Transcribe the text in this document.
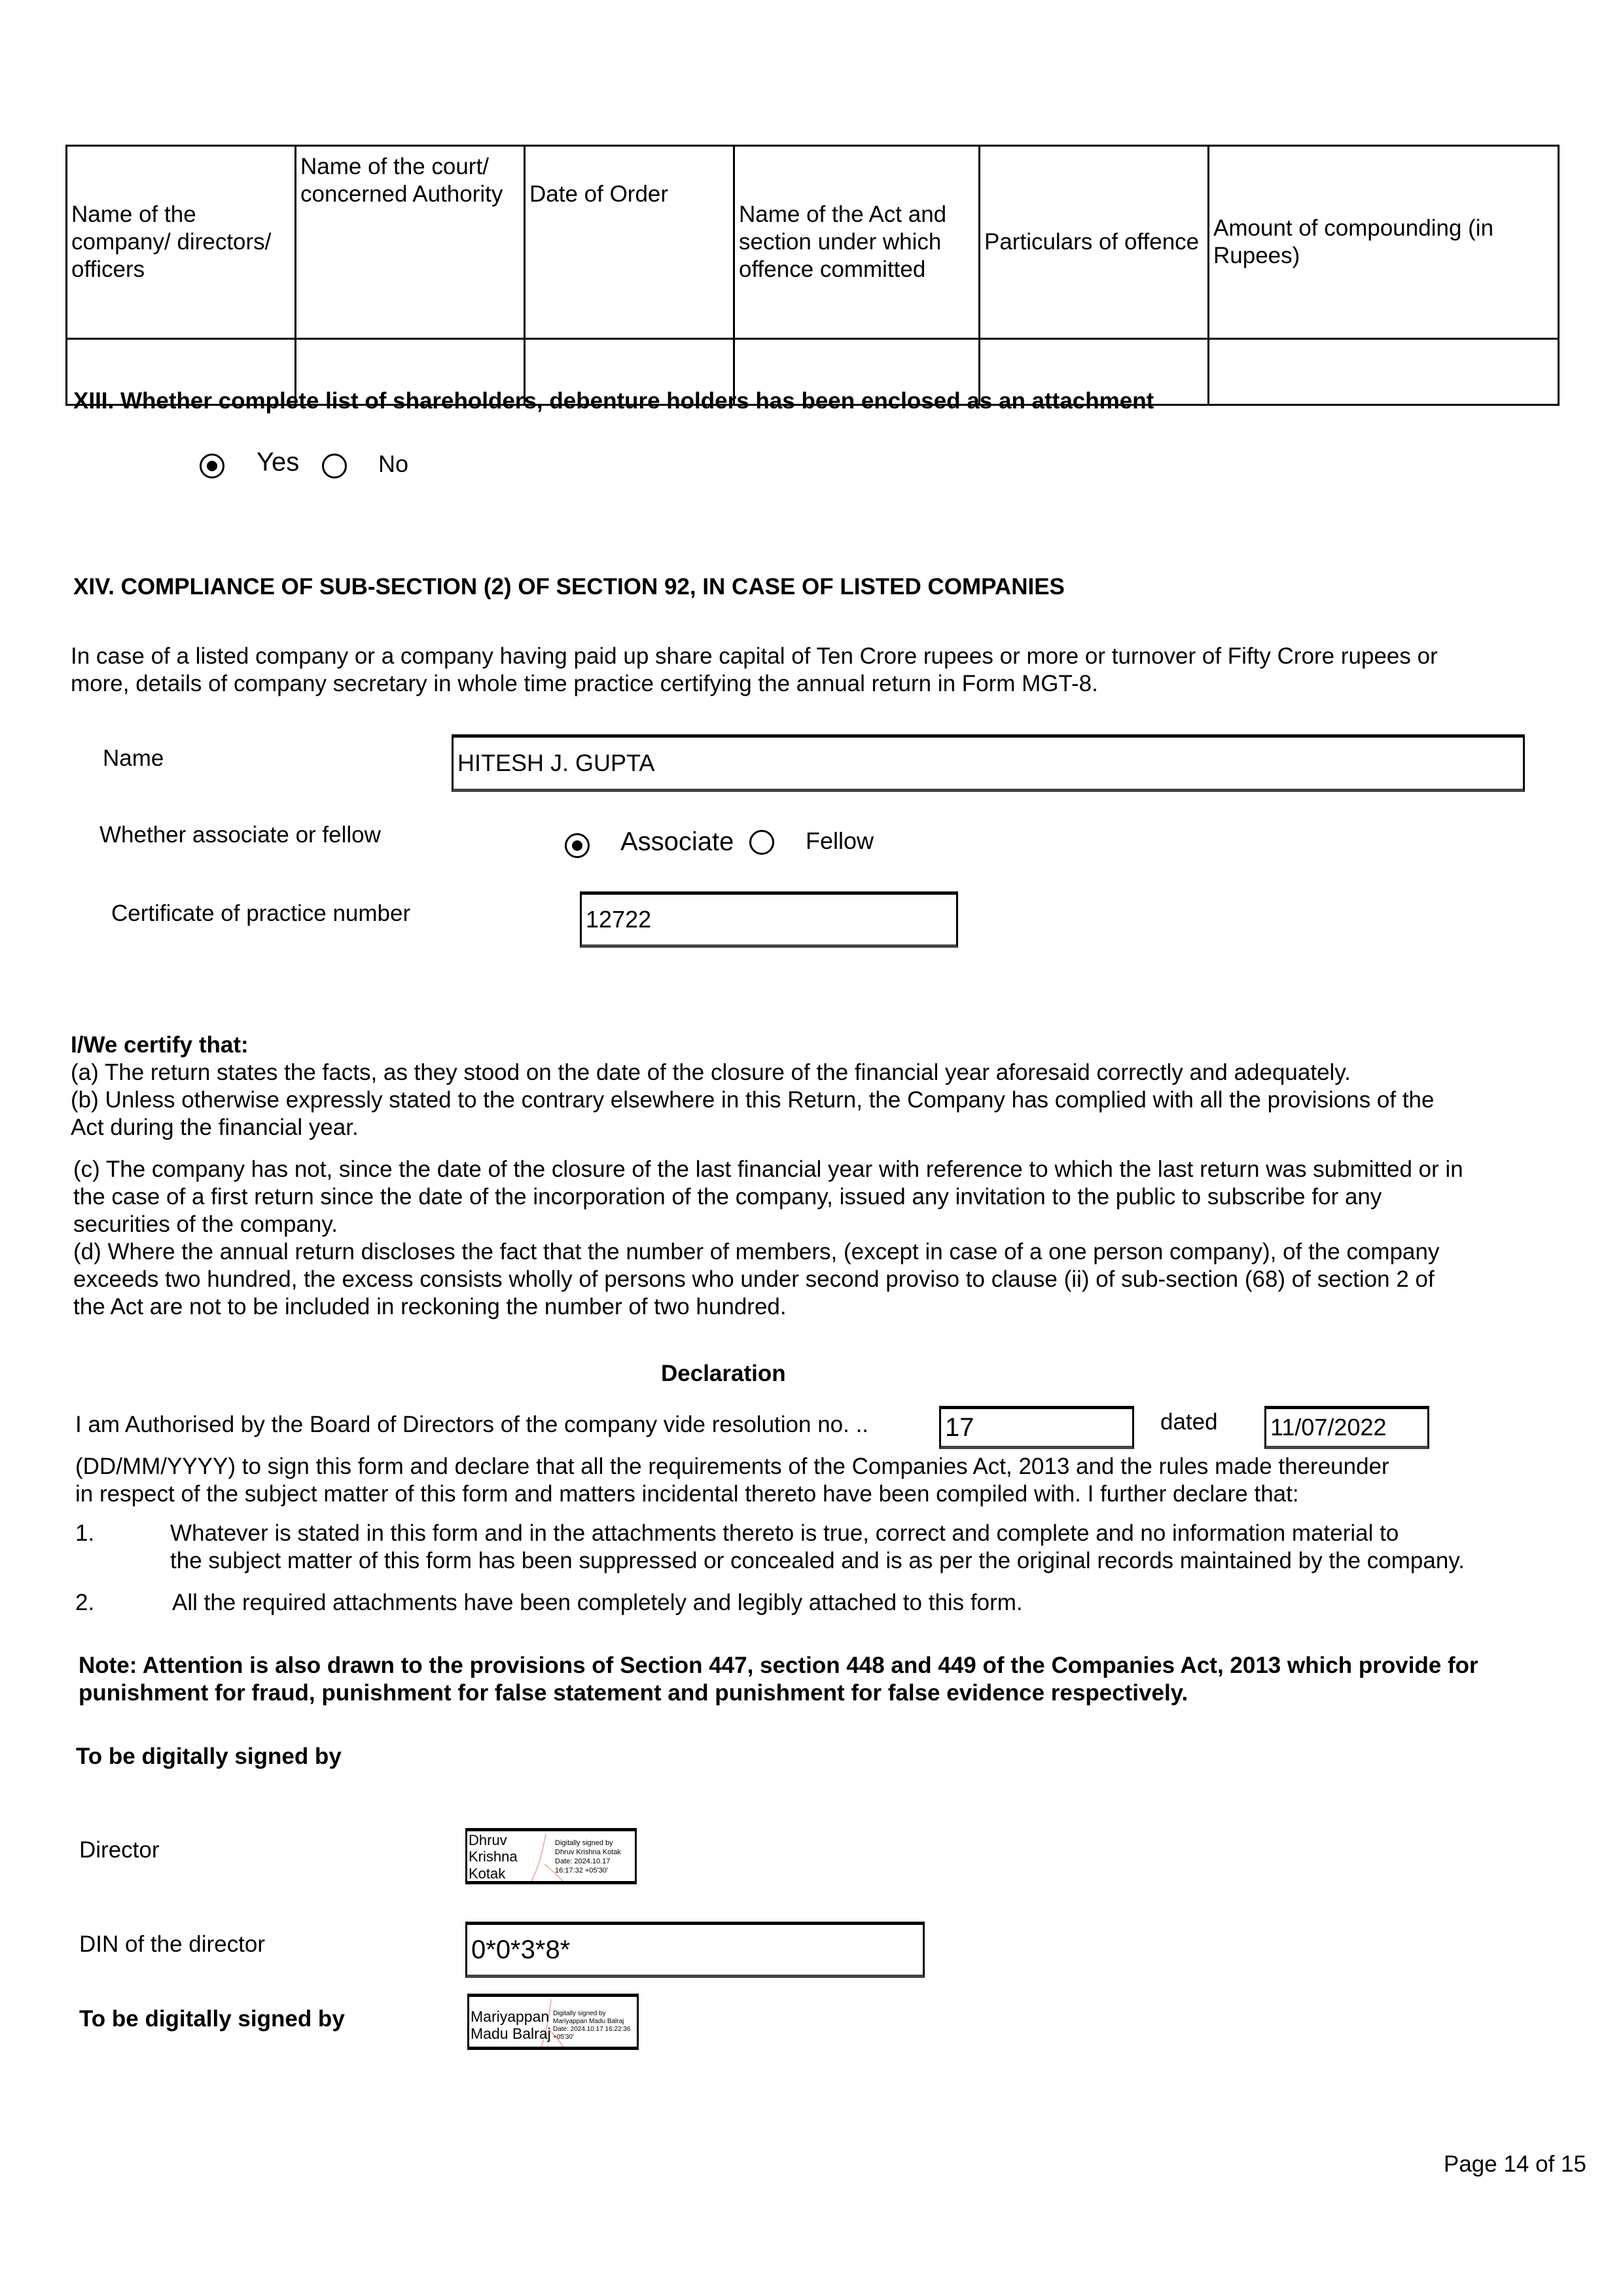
Name of the company/ directors/ officers	Name of the court/ concerned Authority	Date of Order	Name of the Act and section under which offence committed	Particulars of offence	Amount of compounding (in Rupees)

XIII. Whether complete list of shareholders, debenture holders has been enclosed as an attachment
Yes	No
XIV. COMPLIANCE OF SUB-SECTION (2) OF SECTION 92, IN CASE OF LISTED COMPANIES
In case of a listed company or a company having paid up share capital of Ten Crore rupees or more or turnover of Fifty Crore rupees or
more, details of company secretary in whole time practice certifying the annual return in Form MGT-8.
Name	HITESH J. GUPTA
Whether associate or fellow	Associate	Fellow
Certificate of practice number	12722
I/We certify that:
(a) The return states the facts, as they stood on the date of the closure of the financial year aforesaid correctly and adequately.
(b) Unless otherwise expressly stated to the contrary elsewhere in this Return, the Company has complied with all the provisions of the
Act during the financial year.
(c) The company has not, since the date of the closure of the last financial year with reference to which the last return was submitted or in
the case of a first return since the date of the incorporation of the company, issued any invitation to the public to subscribe for any
securities of the company.
(d) Where the annual return discloses the fact that the number of members, (except in case of a one person company), of the company
exceeds two hundred, the excess consists wholly of persons who under second proviso to clause (ii) of sub-section (68) of section 2 of
the Act are not to be included in reckoning the number of two hundred.
Declaration
I am Authorised by the Board of Directors of the company vide resolution no. ..	17	dated 11/07/2022
(DD/MM/YYYY) to sign this form and declare that all the requirements of the Companies Act, 2013 and the rules made thereunder
in respect of the subject matter of this form and matters incidental thereto have been compiled with. I further declare that:
1.	Whatever is stated in this form and in the attachments thereto is true, correct and complete and no information material to
the subject matter of this form has been suppressed or concealed and is as per the original records maintained by the company.
2.	All the required attachments have been completely and legibly attached to this form.
Note: Attention is also drawn to the provisions of Section 447, section 448 and 449 of the Companies Act, 2013 which provide for
punishment for fraud, punishment for false statement and punishment for false evidence respectively.
To be digitally signed by
Director	Dhruv
Krishna
Kotak
Digitally signed by
Dhruv Krishna Kotak
Date: 2024.10.17
16:17:32 +05'30'
DIN of the director	0*0*3*8*
To be digitally signed by	Mariyappan
Madu Balraj
Digitally signed by
Mariyappan Madu Balraj
Date: 2024.10.17 16:22:36
+05'30'
Page 14 of 15
